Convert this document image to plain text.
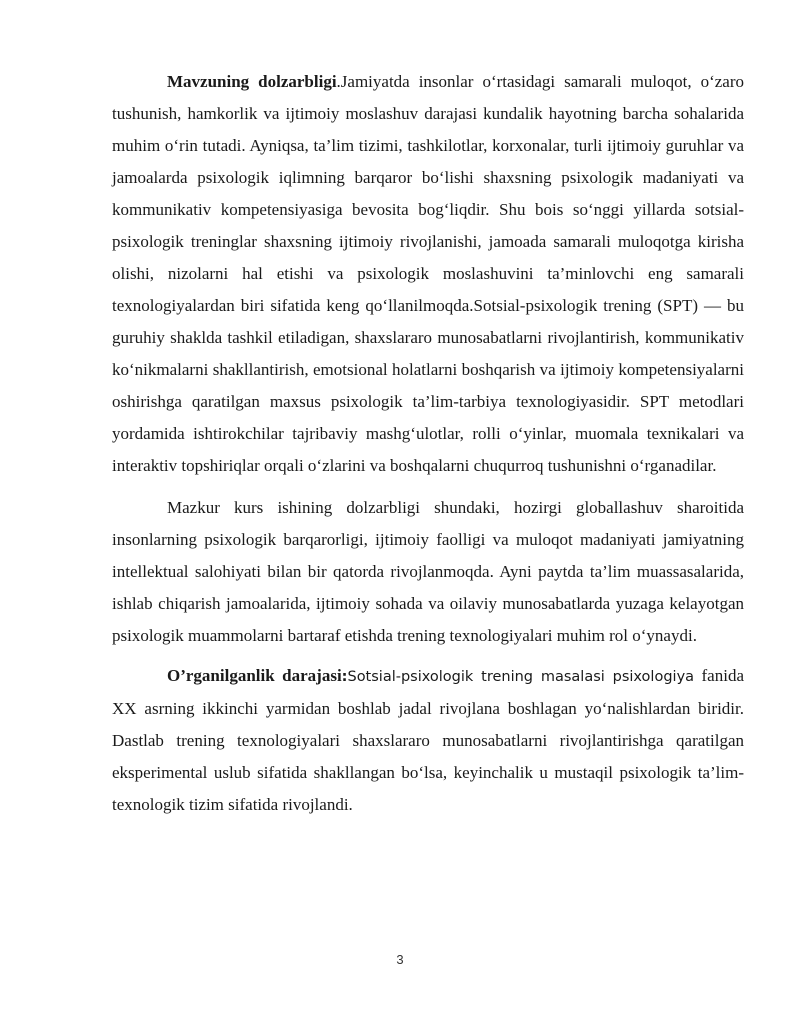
Mavzuning dolzarbligi.Jamiyatda insonlar o‘rtasidagi samarali muloqot, o‘zaro tushunish, hamkorlik va ijtimoiy moslashuv darajasi kundalik hayotning barcha sohalarida muhim o‘rin tutadi. Ayniqsa, ta’lim tizimi, tashkilotlar, korxonalar, turli ijtimoiy guruhlar va jamoalarda psixologik iqlimning barqaror bo‘lishi shaxsning psixologik madaniyati va kommunikativ kompetensiyasiga bevosita bog‘liqdir. Shu bois so‘nggi yillarda sotsial-psixologik treninglar shaxsning ijtimoiy rivojlanishi, jamoada samarali muloqotga kirisha olishi, nizolarni hal etishi va psixologik moslashuvini ta’minlovchi eng samarali texnologiyalardan biri sifatida keng qo‘llanilmoqda.Sotsial-psixologik trening (SPT) — bu guruhiy shaklda tashkil etiladigan, shaxslararo munosabatlarni rivojlantirish, kommunikativ ko‘nikmalarni shakllantirish, emotsional holatlarni boshqarish va ijtimoiy kompetensiyalarni oshirishga qaratilgan maxsus psixologik ta’lim-tarbiya texnologiyasidir. SPT metodlari yordamida ishtirokchilar tajribaviy mashg‘ulotlar, rolli o‘yinlar, muomala texnikalari va interaktiv topshiriqlar orqali o‘zlarini va boshqalarni chuqurroq tushunishni o‘rganadilar.

Mazkur kurs ishining dolzarbligi shundaki, hozirgi globallashuv sharoitida insonlarning psixologik barqarorligi, ijtimoiy faolligi va muloqot madaniyati jamiyatning intellektual salohiyati bilan bir qatorda rivojlanmoqda. Ayni paytda ta’lim muassasalarida, ishlab chiqarish jamoalarida, ijtimoiy sohada va oilaviy munosabatlarda yuzaga kelayotgan psixologik muammolarni bartaraf etishda trening texnologiyalari muhim rol o‘ynaydi.

O’rganilganlik darajasi:Sotsial-psixologik trening masalasi psixologiya fanida XX asrning ikkinchi yarmidan boshlab jadal rivojlana boshlagan yo‘nalishlardan biridir. Dastlab trening texnologiyalari shaxslararo munosabatlarni rivojlantirishga qaratilgan eksperimental uslub sifatida shakllangan bo‘lsa, keyinchalik u mustaqil psixologik ta’lim-texnologik tizim sifatida rivojlandi.

3
